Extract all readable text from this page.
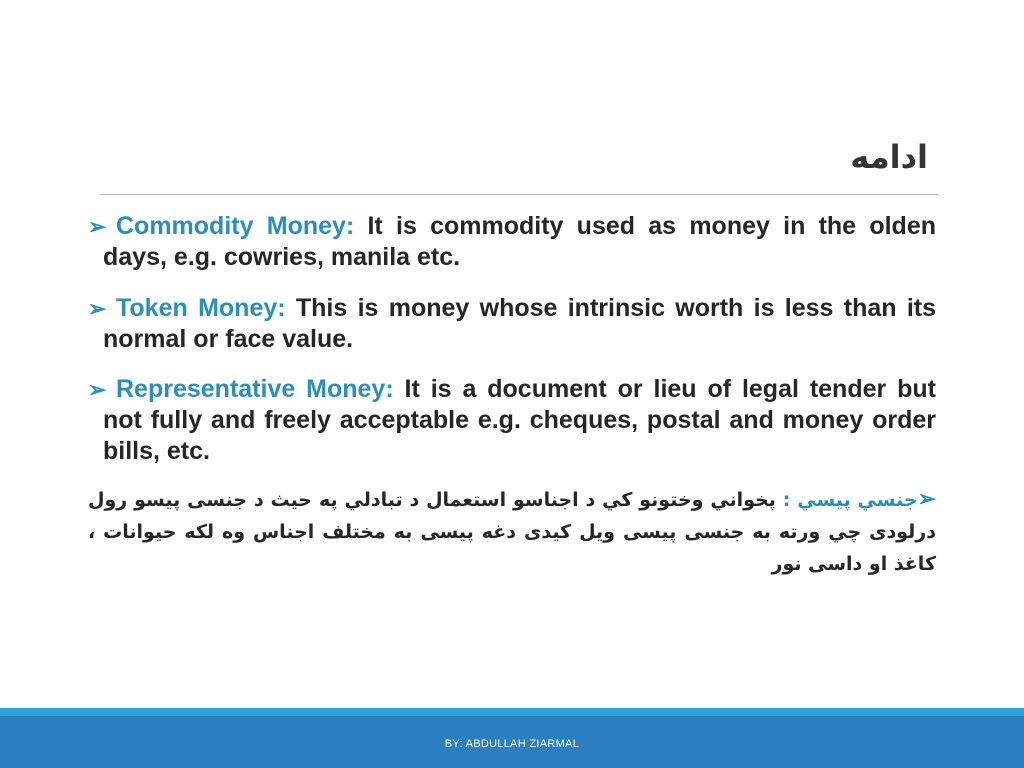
ادامه
➢ Commodity Money: It is commodity used as money in the olden days, e.g. cowries, manila etc.
➢ Token Money: This is money whose intrinsic worth is less than its normal or face value.
➢ Representative Money: It is a document or lieu of legal tender but not fully and freely acceptable e.g. cheques, postal and money order bills, etc.
➢جنسي پيسي : پخواني وختونو کي د اجناسو استعمال د تبادلي په حيث د جنسی پیسو رول درلودی چي ورته به جنسی پیسی ویل کیدی دغه پیسی به مختلف اجناس وه لکه حیوانات ، کاغذ او داسی نور
BY: ABDULLAH ZIARMAL
